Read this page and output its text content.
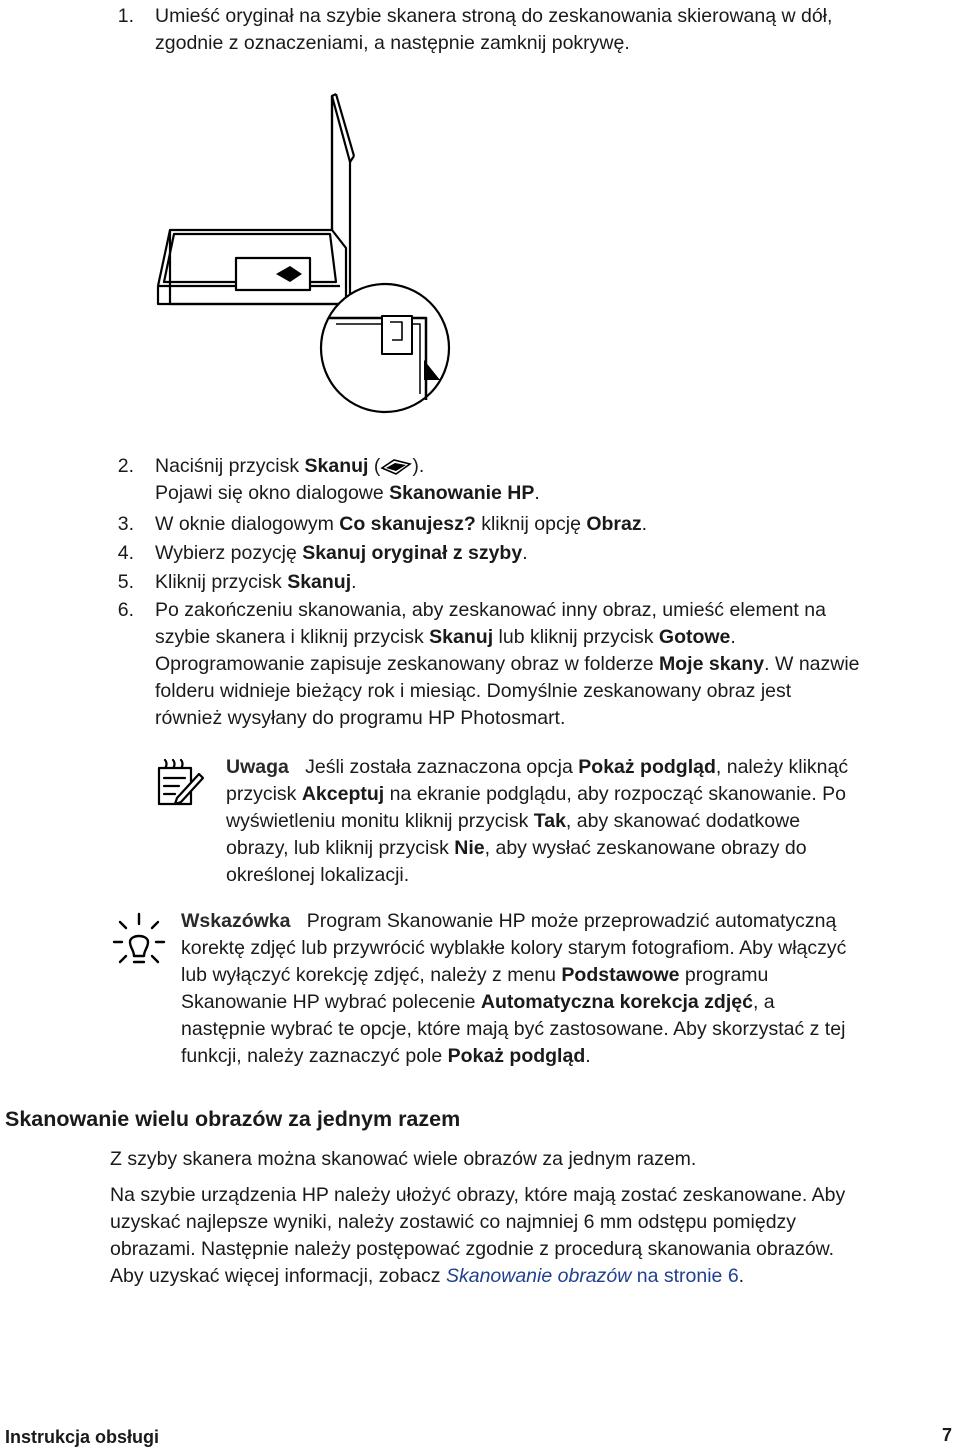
1. Umieść oryginał na szybie skanera stroną do zeskanowania skierowaną w dół,
zgodnie z oznaczeniami, a następnie zamknij pokrywę.
2. Naciśnij przycisk Skanuj ( ).
Pojawi się okno dialogowe Skanowanie HP.
3. W oknie dialogowym Co skanujesz? kliknij opcję Obraz.
4. Wybierz pozycję Skanuj oryginał z szyby.
5. Kliknij przycisk Skanuj.
6. Po zakończeniu skanowania, aby zeskanować inny obraz, umieść element na
szybie skanera i kliknij przycisk Skanuj lub kliknij przycisk Gotowe.
Oprogramowanie zapisuje zeskanowany obraz w folderze Moje skany. W nazwie
folderu widnieje bieżący rok i miesiąc. Domyślnie zeskanowany obraz jest
również wysyłany do programu HP Photosmart.
Uwaga Jeśli została zaznaczona opcja Pokaż podgląd, należy kliknąć
przycisk Akceptuj na ekranie podglądu, aby rozpocząć skanowanie. Po
wyświetleniu monitu kliknij przycisk Tak, aby skanować dodatkowe
obrazy, lub kliknij przycisk Nie, aby wysłać zeskanowane obrazy do
określonej lokalizacji.
Wskazówka Program Skanowanie HP może przeprowadzić automatyczną
korektę zdjęć lub przywrócić wyblakłe kolory starym fotografiom. Aby włączyć
lub wyłączyć korekcję zdjęć, należy z menu Podstawowe programu
Skanowanie HP wybrać polecenie Automatyczna korekcja zdjęć, a
następnie wybrać te opcje, które mają być zastosowane. Aby skorzystać z tej
funkcji, należy zaznaczyć pole Pokaż podgląd.
Skanowanie wielu obrazów za jednym razem
Z szyby skanera można skanować wiele obrazów za jednym razem.
Na szybie urządzenia HP należy ułożyć obrazy, które mają zostać zeskanowane. Aby
uzyskać najlepsze wyniki, należy zostawić co najmniej 6 mm odstępu pomiędzy
obrazami. Następnie należy postępować zgodnie z procedurą skanowania obrazów.
Aby uzyskać więcej informacji, zobacz Skanowanie obrazów na stronie 6.
Instrukcja obsługi	7
